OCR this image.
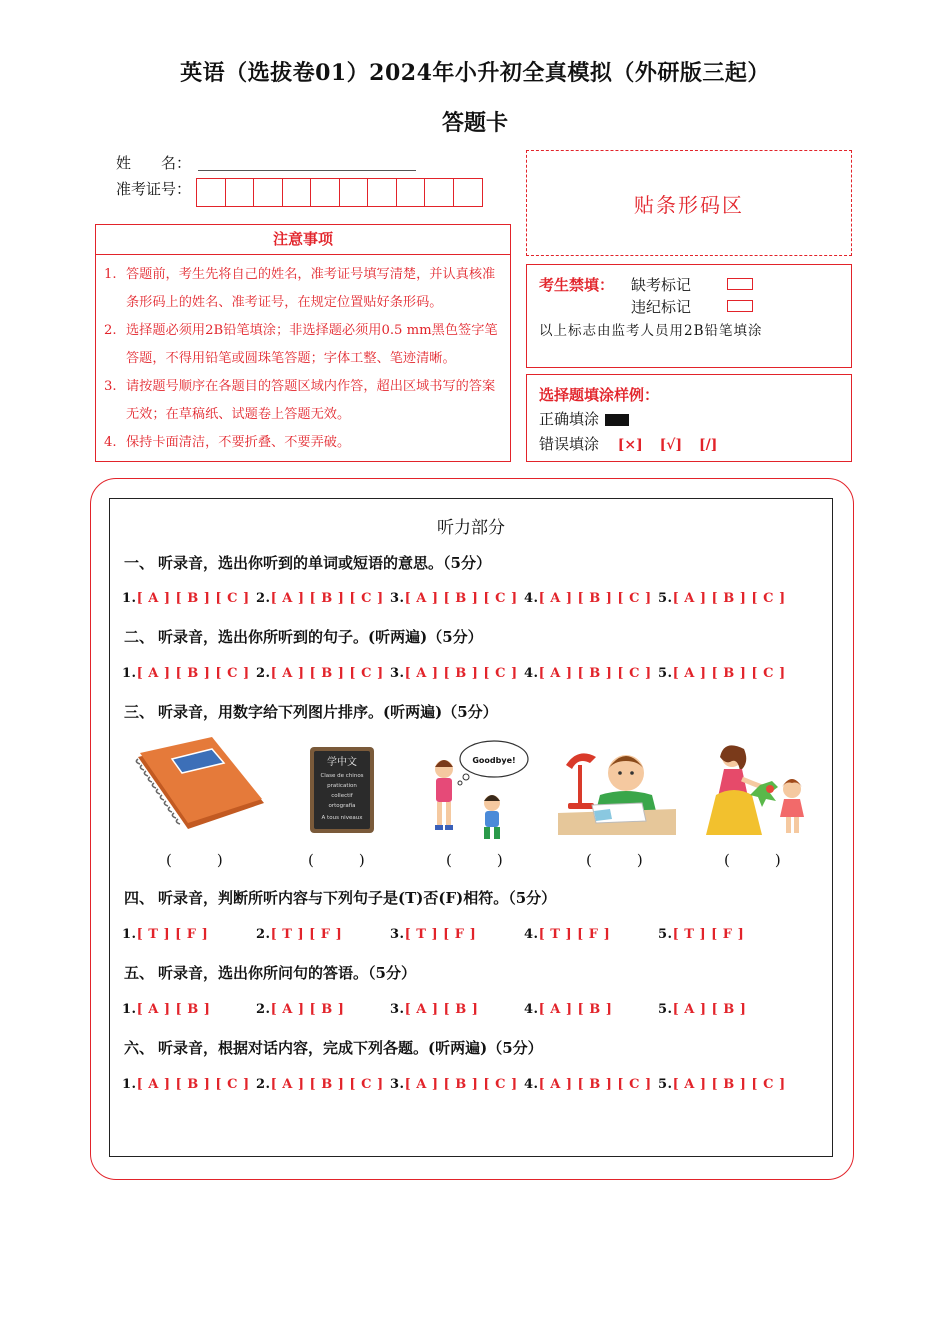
英语（选拔卷01）2024年小升初全真模拟（外研版三起）
答题卡
姓　　名：
准考证号：
贴条形码区
注意事项
1. 答题前，考生先将自己的姓名，准考证号填写清楚，并认真核准条形码上的姓名、准考证号，在规定位置贴好条形码。
2. 选择题必须用2B铅笔填涂；非选择题必须用0.5 mm黑色签字笔答题，不得用铅笔或圆珠笔答题；字体工整、笔迹清晰。
3. 请按题号顺序在各题目的答题区域内作答，超出区域书写的答案无效；在草稿纸、试题卷上答题无效。
4. 保持卡面清洁，不要折叠、不要弄破。
考生禁填： 缺考标记
违纪标记
以上标志由监考人员用2B铅笔填涂
选择题填涂样例：
正确填涂
错误填涂 [×] [√] [/]
听力部分
一、 听录音，选出你听到的单词或短语的意思。（5分）
1.[ A ] [ B ] [ C ] 2.[ A ] [ B ] [ C ] 3.[ A ] [ B ] [ C ] 4.[ A ] [ B ] [ C ] 5.[ A ] [ B ] [ C ]
二、 听录音，选出你所听到的句子。(听两遍)（5分）
1.[ A ] [ B ] [ C ] 2.[ A ] [ B ] [ C ] 3.[ A ] [ B ] [ C ] 4.[ A ] [ B ] [ C ] 5.[ A ] [ B ] [ C ]
三、 听录音，用数字给下列图片排序。(听两遍)（5分）
学中文
Clase de chinos
pratication
collectif
ortografía
A tous niveaux
Goodbye!
(　　　)	(　　　)	(　　　)	(　　　)	(　　　)
四、 听录音，判断所听内容与下列句子是(T)否(F)相符。（5分）
1.[ T ] [ F ]	2.[ T ] [ F ]	3.[ T ] [ F ]	4.[ T ] [ F ]	5.[ T ] [ F ]
五、 听录音，选出你所问句的答语。（5分）
1.[ A ] [ B ]	2.[ A ] [ B ]	3.[ A ] [ B ]	4.[ A ] [ B ]	5.[ A ] [ B ]
六、 听录音，根据对话内容，完成下列各题。(听两遍)（5分）
1.[ A ] [ B ] [ C ] 2.[ A ] [ B ] [ C ] 3.[ A ] [ B ] [ C ] 4.[ A ] [ B ] [ C ] 5.[ A ] [ B ] [ C ]
